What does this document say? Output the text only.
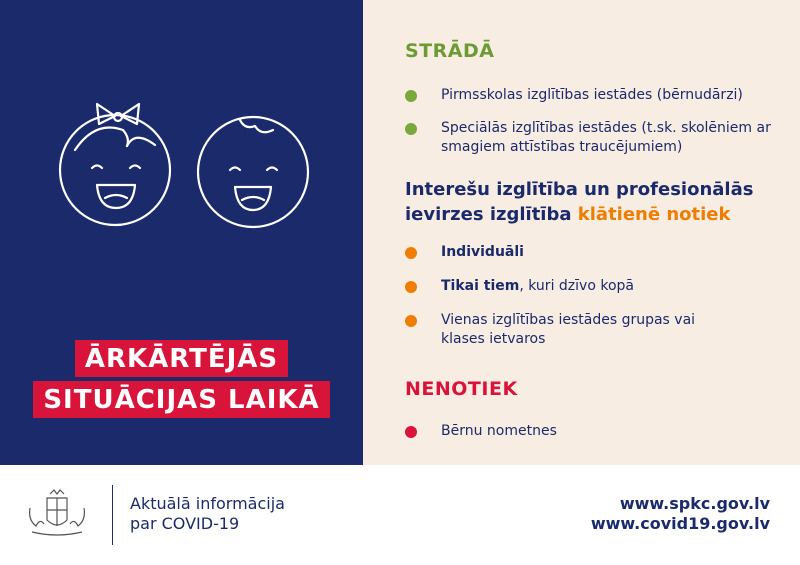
ĀRKĀRTĒJĀS
SITUĀCIJAS LAIKĀ
STRĀDĀ
Pirmsskolas izglītības iestādes (bērnudārzi)
Speciālās izglītības iestādes (t.sk. skolēniem ar smagiem attīstības traucējumiem)
Interešu izglītība un profesionālās ievirzes izglītība klātienē notiek
Individuāli
Tikai tiem, kuri dzīvo kopā
Vienas izglītības iestādes grupas vai klases ietvaros
NENOTIEK
Bērnu nometnes
Aktuālā informācija
par COVID-19
www.spkc.gov.lv
www.covid19.gov.lv
